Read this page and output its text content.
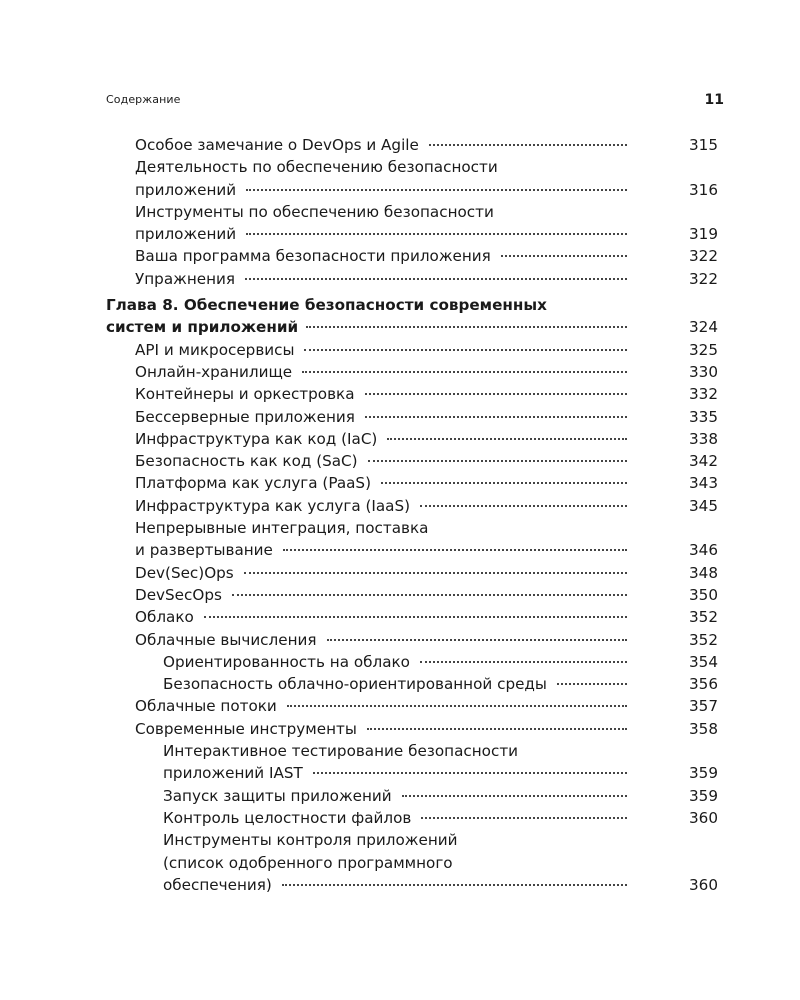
Содержание	11
Особое замечание о DevOps и Agile	315
Деятельность по обеспечению безопасности
приложений	316
Инструменты по обеспечению безопасности
приложений	319
Ваша программа безопасности приложения	322
Упражнения	322
Глава 8. Обеспечение безопасности современных
систем и приложений	324
API и микросервисы	325
Онлайн-хранилище	330
Контейнеры и оркестровка	332
Бессерверные приложения	335
Инфраструктура как код (IaC)	338
Безопасность как код (SaC)	342
Платформа как услуга (PaaS)	343
Инфраструктура как услуга (IaaS)	345
Непрерывные интеграция, поставка
и развертывание	346
Dev(Sec)Ops	348
DevSecOps	350
Облако	352
Облачные вычисления	352
Ориентированность на облако	354
Безопасность облачно-ориентированной среды	356
Облачные потоки	357
Современные инструменты	358
Интерактивное тестирование безопасности
приложений IAST	359
Запуск защиты приложений	359
Контроль целостности файлов	360
Инструменты контроля приложений
(список одобренного программного
обеспечения)	360
